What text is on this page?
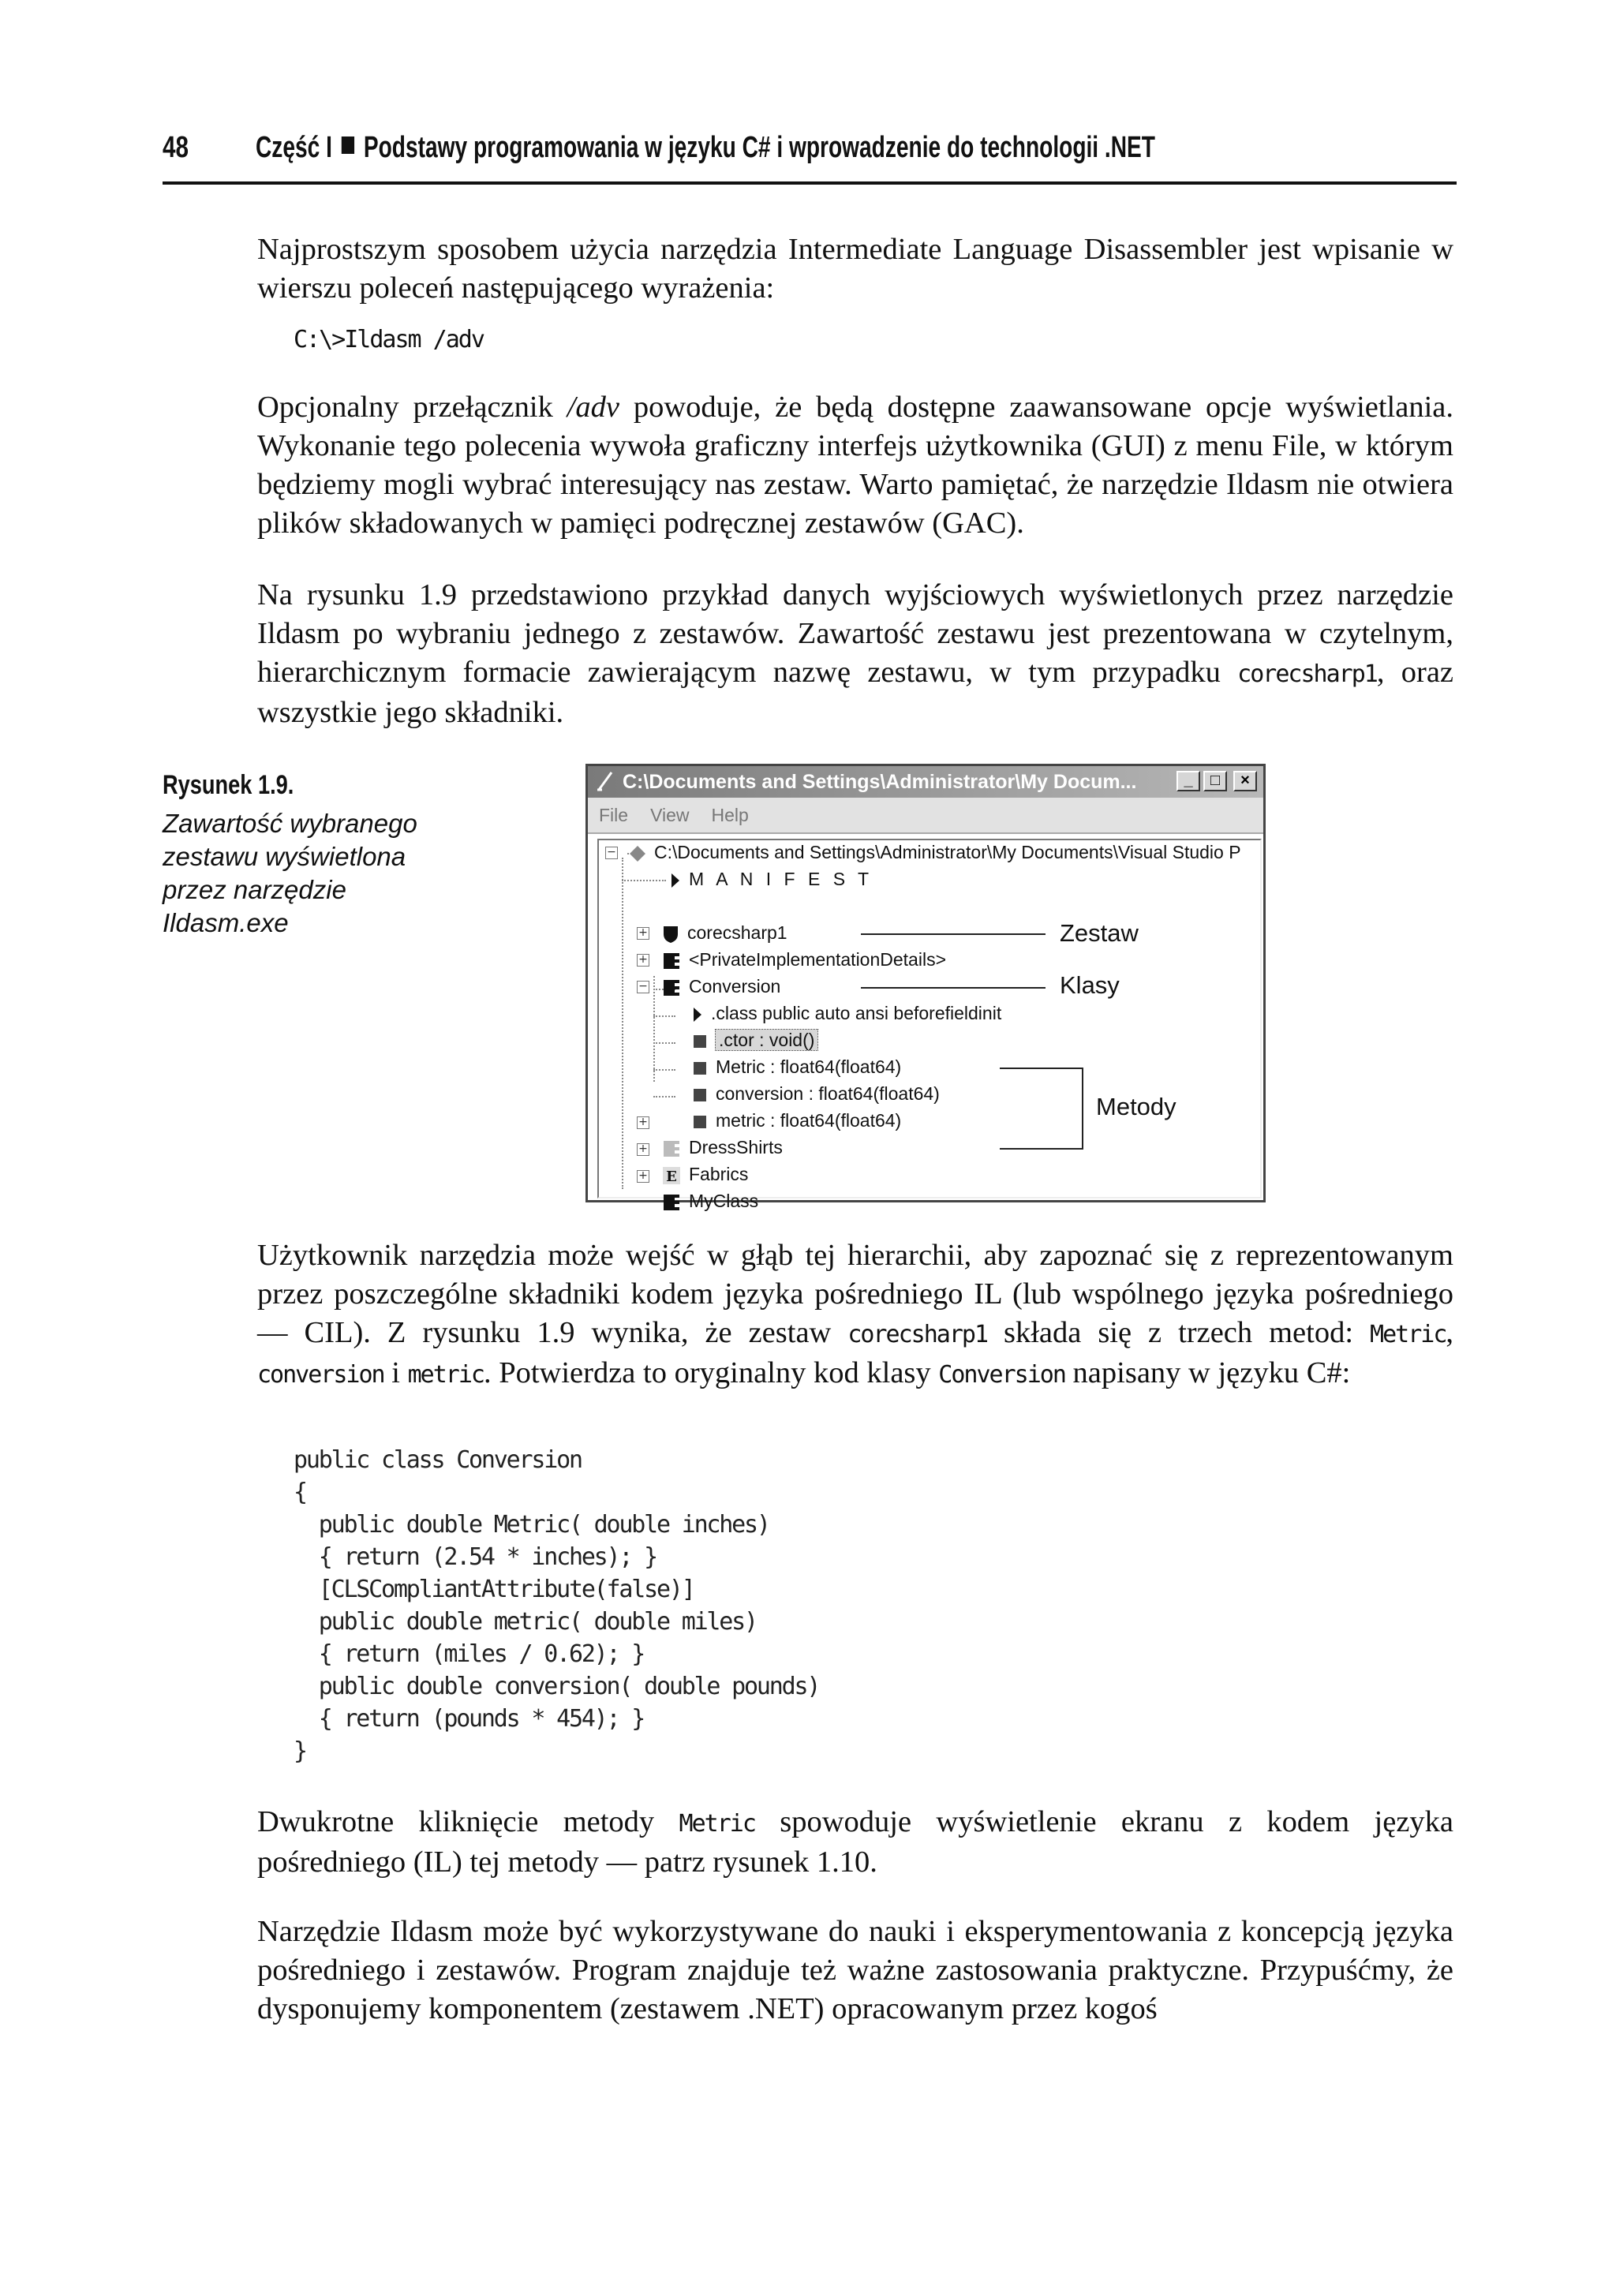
48 Część I Podstawy programowania w języku C# i wprowadzenie do technologii .NET

Najprostszym sposobem użycia narzędzia Intermediate Language Disassembler jest wpisanie w wierszu poleceń następującego wyrażenia:

C:\>Ildasm /adv

Opcjonalny przełącznik /adv powoduje, że będą dostępne zaawansowane opcje wyświetlania. Wykonanie tego polecenia wywoła graficzny interfejs użytkownika (GUI) z menu File, w którym będziemy mogli wybrać interesujący nas zestaw. Warto pamiętać, że narzędzie Ildasm nie otwiera plików składowanych w pamięci podręcznej zestawów (GAC).

Na rysunku 1.9 przedstawiono przykład danych wyjściowych wyświetlonych przez narzędzie Ildasm po wybraniu jednego z zestawów. Zawartość zestawu jest prezentowana w czytelnym, hierarchicznym formacie zawierającym nazwę zestawu, w tym przypadku corecsharp1, oraz wszystkie jego składniki.

Rysunek 1.9.
Zawartość wybranego zestawu wyświetlona przez narzędzie Ildasm.exe
C:\Documents and Settings\Administrator\My Docum...	_	□	×
File View Help
−
+
+
−
+
+
+
C:\Documents and Settings\Administrator\My Documents\Visual Studio P
M A N I F E S T
corecsharp1
<PrivateImplementationDetails>
Conversion
.class public auto ansi beforefieldinit
.ctor : void()
Metric : float64(float64)
conversion : float64(float64)
metric : float64(float64)
DressShirts
E Fabrics
MyClass
Zestaw
Klasy
Metody

Użytkownik narzędzia może wejść w głąb tej hierarchii, aby zapoznać się z reprezentowanym przez poszczególne składniki kodem języka pośredniego IL (lub wspólnego języka pośredniego — CIL). Z rysunku 1.9 wynika, że zestaw corecsharp1 składa się z trzech metod: Metric, conversion i metric. Potwierdza to oryginalny kod klasy Conversion napisany w języku C#:

public class Conversion
{
public double Metric( double inches)
{ return (2.54 * inches); }
[CLSCompliantAttribute(false)]
public double metric( double miles)
{ return (miles / 0.62); }
public double conversion( double pounds)
{ return (pounds * 454); }
}

Dwukrotne kliknięcie metody Metric spowoduje wyświetlenie ekranu z kodem języka pośredniego (IL) tej metody — patrz rysunek 1.10.

Narzędzie Ildasm może być wykorzystywane do nauki i eksperymentowania z koncepcją języka pośredniego i zestawów. Program znajduje też ważne zastosowania praktyczne. Przypuśćmy, że dysponujemy komponentem (zestawem .NET) opracowanym przez kogoś
